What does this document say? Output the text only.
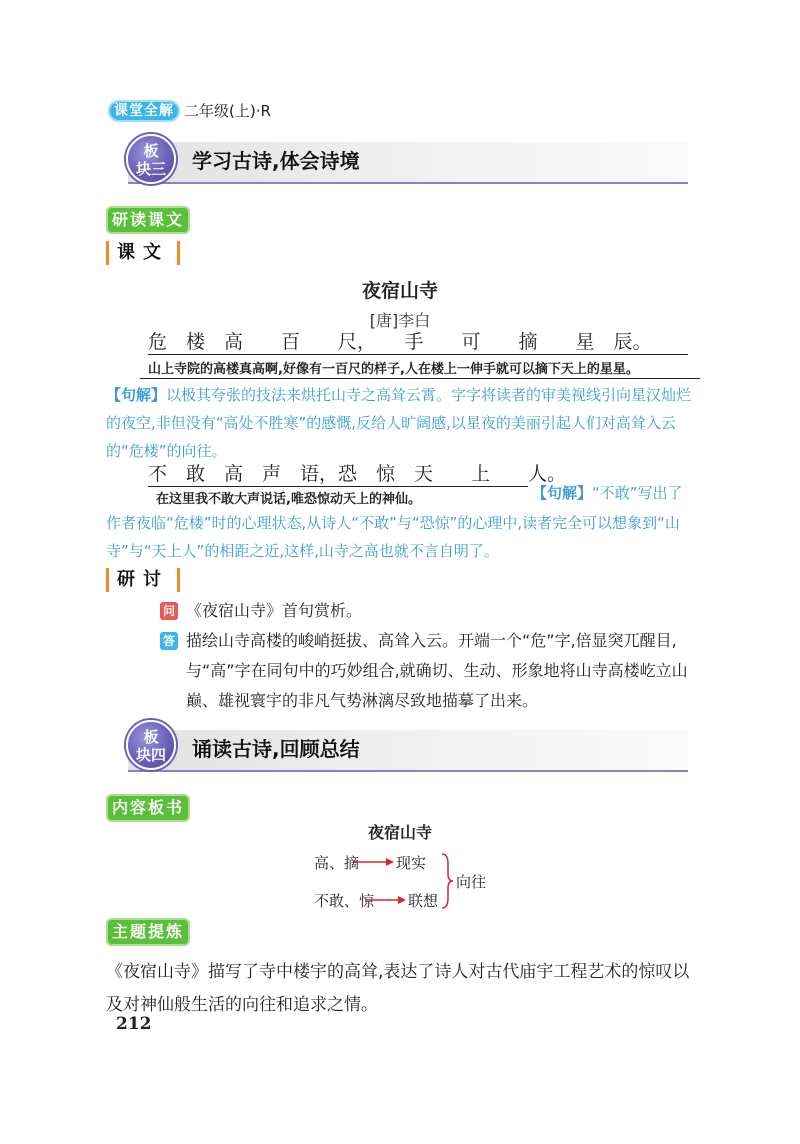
课堂全解 二年级(上)·R
板
块三	学习古诗,体会诗境
研读课文
课文
夜宿山寺
[唐]李白
危　楼　高　　百　　尺，　　手　　可　　摘　　星　辰。
山上寺院的高楼真高啊,好像有一百尺的样子,人在楼上一伸手就可以摘下天上的星星。
【句解】以极其夸张的技法来烘托山寺之高耸云霄。字字将读者的审美视线引向星汉灿烂的夜空,非但没有“高处不胜寒”的感慨,反给人旷阔感,以星夜的美丽引起人们对高耸入云的“危楼”的向往。
不　敢　高　声　语，恐　惊　天　　上　　人。
在这里我不敢大声说话,唯恐惊动天上的神仙。	【句解】“不敢”写出了
作者夜临“危楼”时的心理状态,从诗人“不敢”与“恐惊”的心理中,读者完全可以想象到“山寺”与“天上人”的相距之近,这样,山寺之高也就不言自明了。
研讨
问 《夜宿山寺》首句赏析。
答 描绘山寺高楼的峻峭挺拔、高耸入云。开端一个“危”字,倍显突兀醒目,与“高”字在同句中的巧妙组合,就确切、生动、形象地将山寺高楼屹立山巅、雄视寰宇的非凡气势淋漓尽致地描摹了出来。
板
块四	诵读古诗,回顾总结
内容板书
夜宿山寺
高、摘 现实
不敢、惊 联想
向往
主题提炼
《夜宿山寺》描写了寺中楼宇的高耸,表达了诗人对古代庙宇工程艺术的惊叹以及对神仙般生活的向往和追求之情。
212
